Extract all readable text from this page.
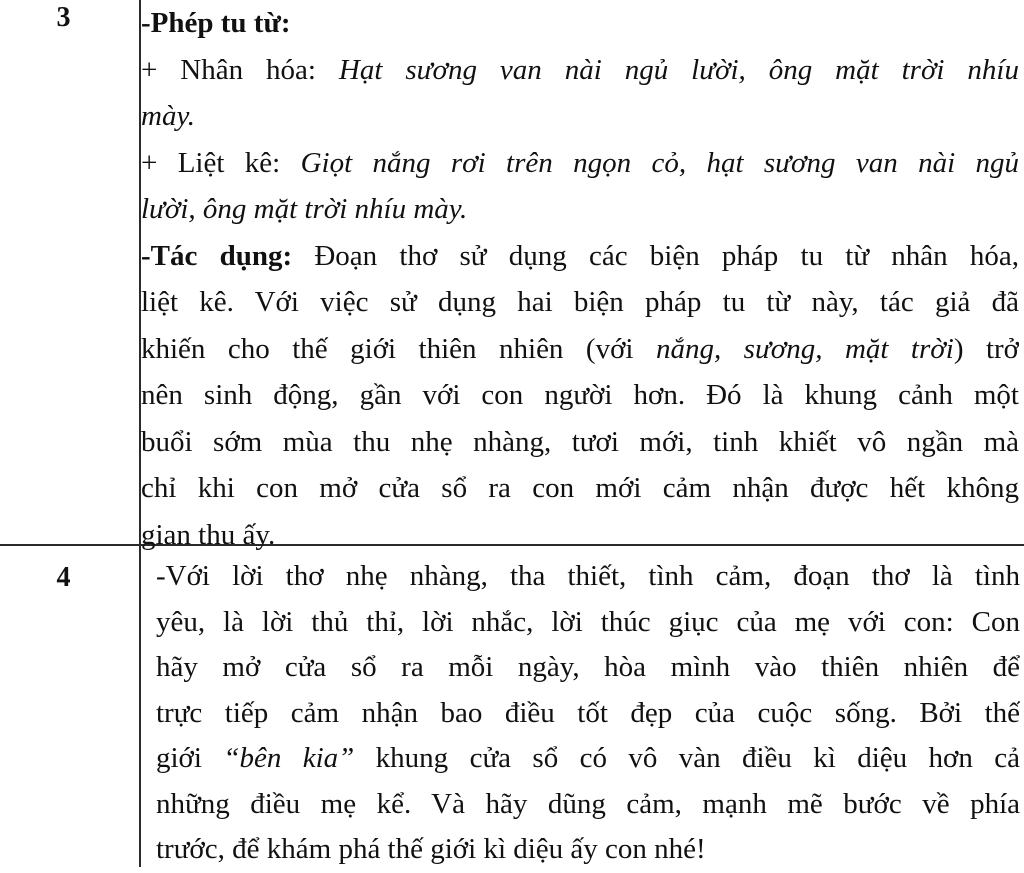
3	-Phép tu từ:
+ Nhân hóa: Hạt sương van nài ngủ lười, ông mặt trời nhíu
mày.
+ Liệt kê: Giọt nắng rơi trên ngọn cỏ, hạt sương van nài ngủ
lười, ông mặt trời nhíu mày.
-Tác dụng: Đoạn thơ sử dụng các biện pháp tu từ nhân hóa,
liệt kê. Với việc sử dụng hai biện pháp tu từ này, tác giả đã
khiến cho thế giới thiên nhiên (với nắng, sương, mặt trời) trở
nên sinh động, gần với con người hơn. Đó là khung cảnh một
buổi sớm mùa thu nhẹ nhàng, tươi mới, tinh khiết vô ngần mà
chỉ khi con mở cửa sổ ra con mới cảm nhận được hết không
gian thu ấy.
4	-Với lời thơ nhẹ nhàng, tha thiết, tình cảm, đoạn thơ là tình
yêu, là lời thủ thỉ, lời nhắc, lời thúc giục của mẹ với con: Con
hãy mở cửa sổ ra mỗi ngày, hòa mình vào thiên nhiên để
trực tiếp cảm nhận bao điều tốt đẹp của cuộc sống. Bởi thế
giới “bên kia” khung cửa sổ có vô vàn điều kì diệu hơn cả
những điều mẹ kể. Và hãy dũng cảm, mạnh mẽ bước về phía
trước, để khám phá thế giới kì diệu ấy con nhé!
